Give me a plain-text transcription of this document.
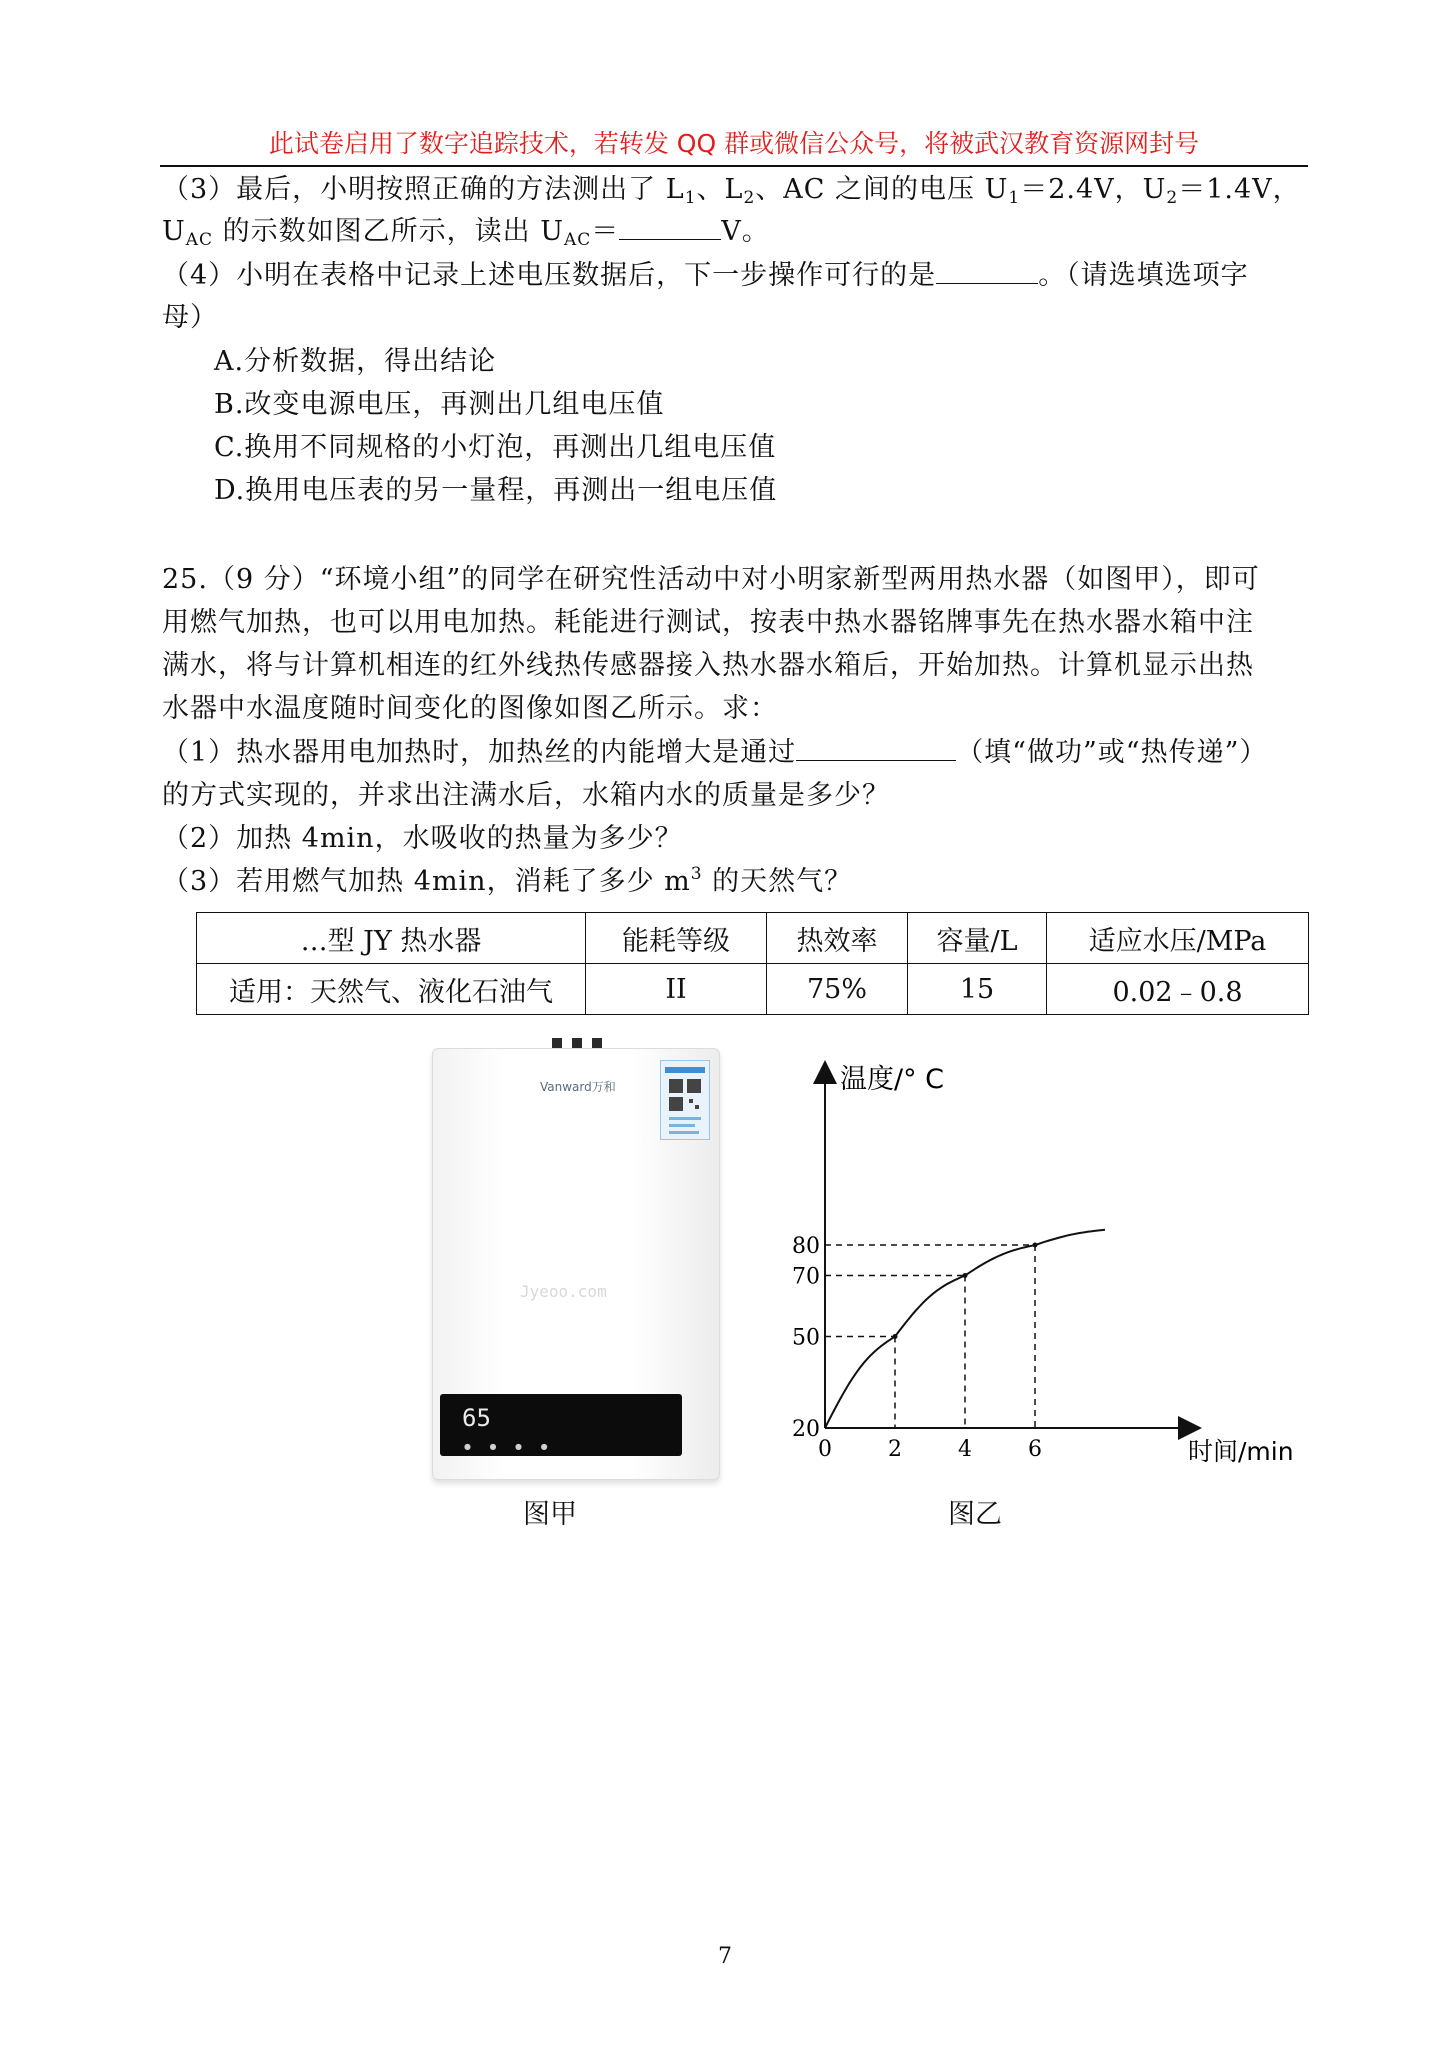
此试卷启用了数字追踪技术，若转发 QQ 群或微信公众号，将被武汉教育资源网封号
（3）最后，小明按照正确的方法测出了 $L_1$、$L_2$、AC 之间的电压 $U_1=2.4V$，$U_2=1.4V$，
$U_{AC}$ 的示数如图乙所示，读出 $U_{AC}=$	V。
（4）小明在表格中记录上述电压数据后，下一步操作可行的是	。（请选填选项字
母）
A.分析数据，得出结论
B.改变电源电压，再测出几组电压值
C.换用不同规格的小灯泡，再测出几组电压值
D.换用电压表的另一量程，再测出一组电压值
25.（9 分）“环境小组”的同学在研究性活动中对小明家新型两用热水器（如图甲），即可
用燃气加热，也可以用电加热。耗能进行测试，按表中热水器铭牌事先在热水器水箱中注
满水，将与计算机相连的红外线热传感器接入热水器水箱后，开始加热。计算机显示出热
水器中水温度随时间变化的图像如图乙所示。求：
（1）热水器用电加热时，加热丝的内能增大是通过	（填“做功”或“热传递”）
的方式实现的，并求出注满水后，水箱内水的质量是多少？
（2）加热 4min，水吸收的热量为多少？
（3）若用燃气加热 4min，消耗了多少 $m^3$ 的天然气？
…型 JY 热水器	能耗等级	热效率	容量/L	适应水压/MPa
适用：天然气、液化石油气	II	75%	15	0.02﹣0.8
Vanward万和
Jyeoo.com
65
● ● ● ●
图甲
0	2	4	6
20
50
70
80
温度/° C
时间/min
图乙
7
